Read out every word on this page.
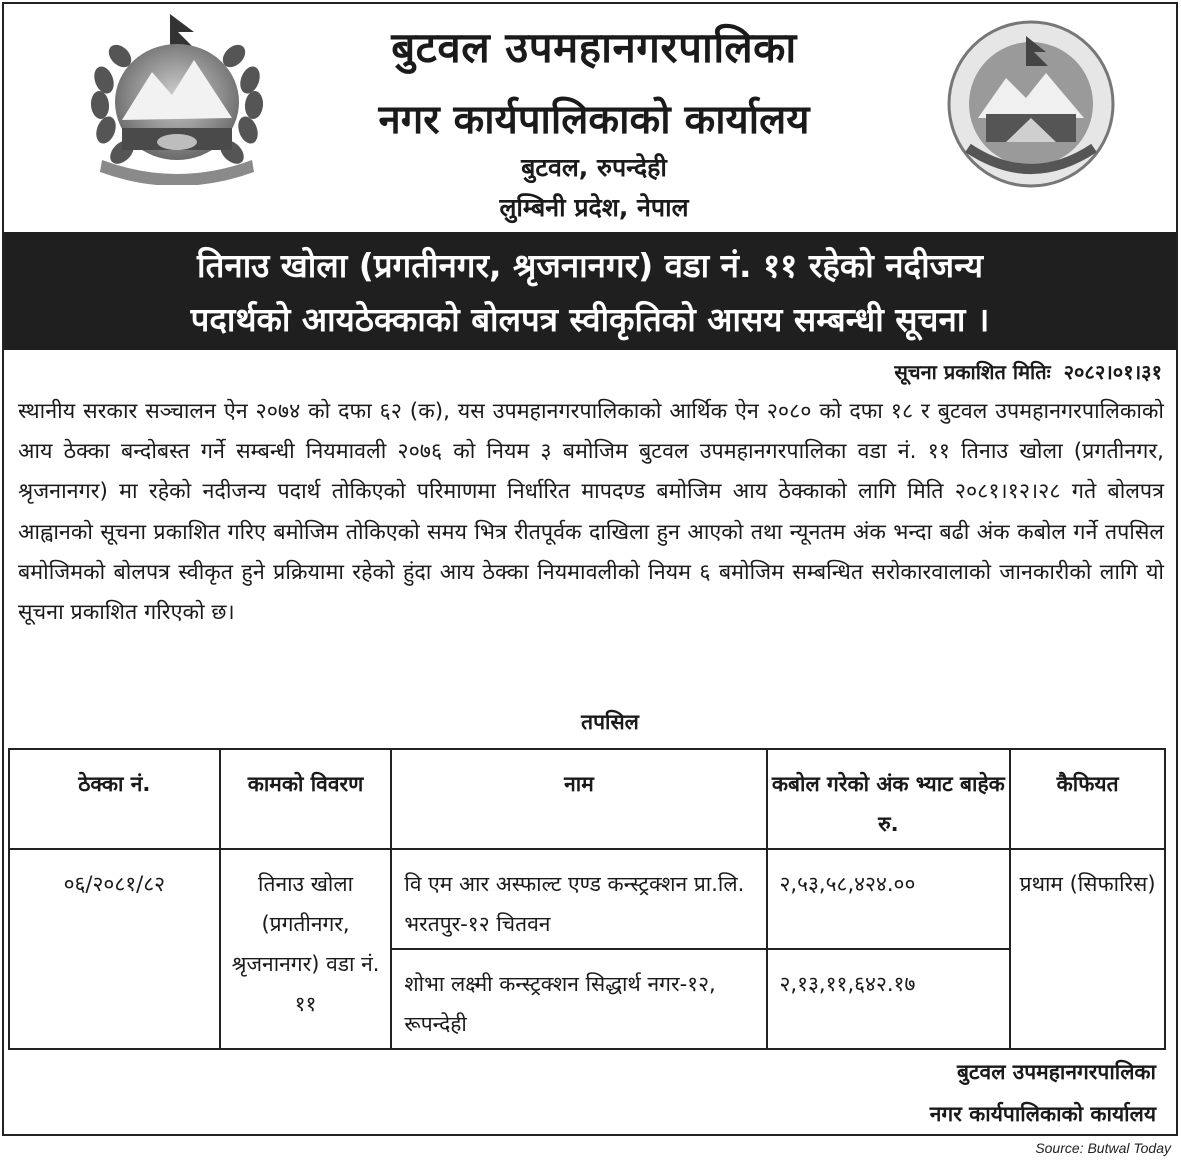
बुटवल उपमहानगरपालिका
नगर कार्यपालिकाको कार्यालय
बुटवल, रुपन्देही
लुम्बिनी प्रदेश, नेपाल
तिनाउ खोला (प्रगतीनगर, श्रृजनानगर) वडा नं. ११ रहेको नदीजन्य
पदार्थको आयठेक्काको बोलपत्र स्वीकृतिको आसय सम्बन्धी सूचना ।
सूचना प्रकाशित मितिः २०८२।०१।३१

स्थानीय सरकार सञ्चालन ऐन २०७४ को दफा ६२ (क), यस उपमहानगरपालिकाको आर्थिक ऐन २०८० को दफा १८ र बुटवल उपमहानगरपालिकाको आय ठेक्का बन्दोबस्त गर्ने सम्बन्धी नियमावली २०७६ को नियम ३ बमोजिम बुटवल उपमहानगरपालिका वडा नं. ११ तिनाउ खोला (प्रगतीनगर, श्रृजनानगर) मा रहेको नदीजन्य पदार्थ तोकिएको परिमाणमा निर्धारित मापदण्ड बमोजिम आय ठेक्काको लागि मिति २०८१।१२।२८ गते बोलपत्र आह्वानको सूचना प्रकाशित गरिए बमोजिम तोकिएको समय भित्र रीतपूर्वक दाखिला हुन आएको तथा न्यूनतम अंक भन्दा बढी अंक कबोल गर्ने तपसिल बमोजिमको बोलपत्र स्वीकृत हुने प्रक्रियामा रहेको हुंदा आय ठेक्का नियमावलीको नियम ६ बमोजिम सम्बन्धित सरोकारवालाको जानकारीको लागि यो सूचना प्रकाशित गरिएको छ।

तपसिल
ठेक्का नं.	कामको विवरण	नाम	कबोल गरेको अंक भ्याट बाहेक रु.	कैफियत
०६/२०८१/८२	तिनाउ खोला (प्रगतीनगर, श्रृजनानगर) वडा नं. ११	वि एम आर अस्फाल्ट एण्ड कन्स्ट्रक्शन प्रा.लि. भरतपुर-१२ चितवन	२,५३,५८,४२४.००	प्रथाम (सिफारिस)
		शोभा लक्ष्मी कन्स्ट्रक्शन सिद्धार्थ नगर-१२, रूपन्देही	२,१३,११,६४२.१७	
बुटवल उपमहानगरपालिका
नगर कार्यपालिकाको कार्यालय
Source: Butwal Today
